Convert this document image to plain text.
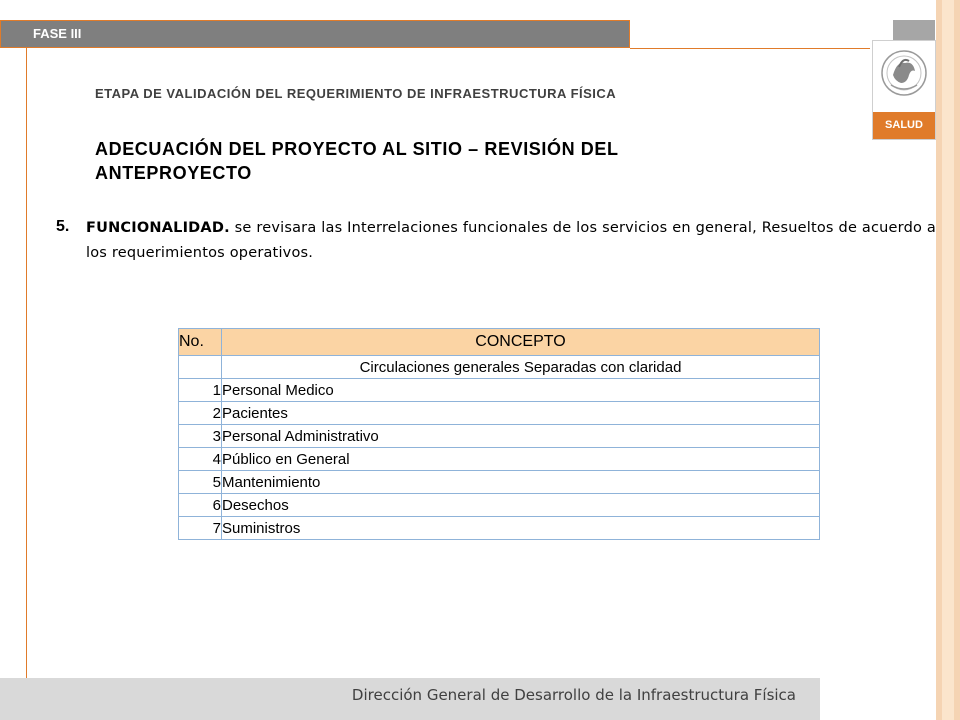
FASE III
SALUD
ETAPA DE VALIDACIÓN DEL REQUERIMIENTO DE INFRAESTRUCTURA FÍSICA
ADECUACIÓN DEL PROYECTO AL SITIO – REVISIÓN DEL ANTEPROYECTO
5. FUNCIONALIDAD. se revisara las Interrelaciones funcionales de los servicios en general, Resueltos de acuerdo a los requerimientos operativos.
No.	CONCEPTO
	Circulaciones generales Separadas con claridad
1	Personal Medico
2	Pacientes
3	Personal Administrativo
4	Público en General
5	Mantenimiento
6	Desechos
7	Suministros
Dirección General de Desarrollo de la Infraestructura Física
